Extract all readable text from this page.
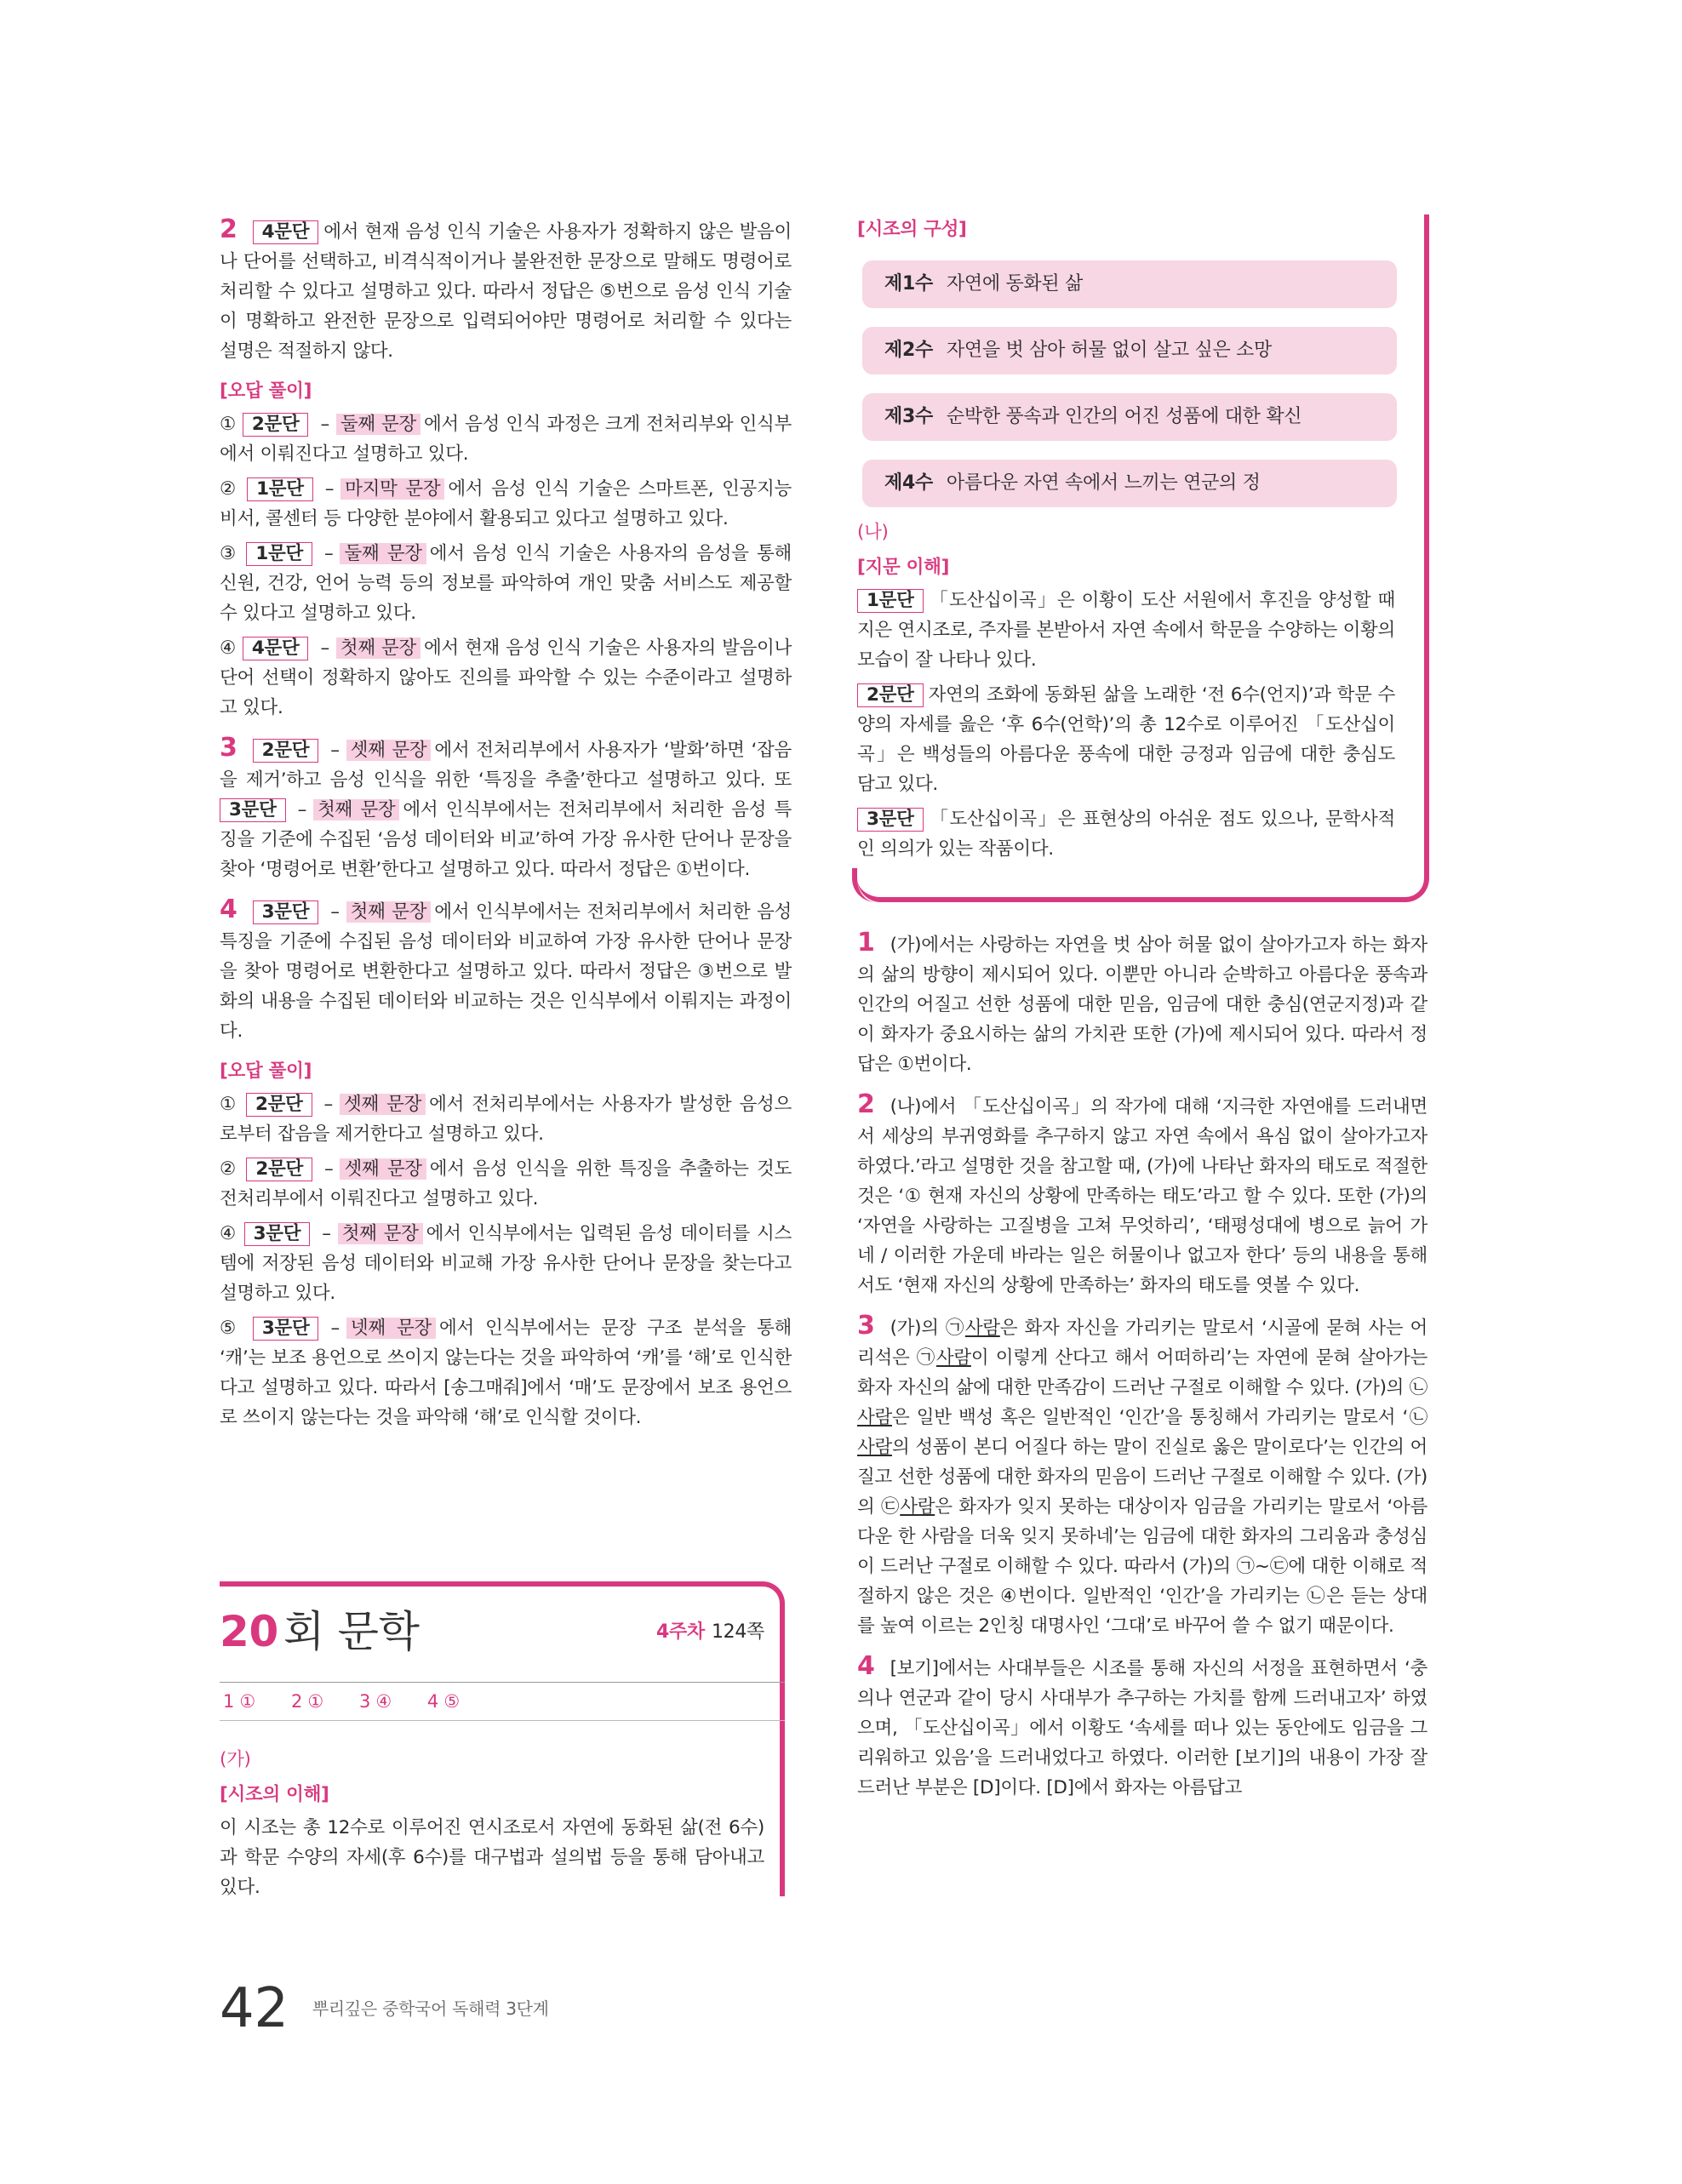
2 4문단 에서 현재 음성 인식 기술은 사용자가 정확하지 않은 발음이나 단어를 선택하고, 비격식적이거나 불완전한 문장으로 말해도 명령어로 처리할 수 있다고 설명하고 있다. 따라서 정답은 ⑤번으로 음성 인식 기술이 명확하고 완전한 문장으로 입력되어야만 명령어로 처리할 수 있다는 설명은 적절하지 않다.

[오답 풀이]

① 2문단 – 둘째 문장 에서 음성 인식 과정은 크게 전처리부와 인식부에서 이뤄진다고 설명하고 있다.

② 1문단 – 마지막 문장 에서 음성 인식 기술은 스마트폰, 인공지능 비서, 콜센터 등 다양한 분야에서 활용되고 있다고 설명하고 있다.

③ 1문단 – 둘째 문장 에서 음성 인식 기술은 사용자의 음성을 통해 신원, 건강, 언어 능력 등의 정보를 파악하여 개인 맞춤 서비스도 제공할 수 있다고 설명하고 있다.

④ 4문단 – 첫째 문장 에서 현재 음성 인식 기술은 사용자의 발음이나 단어 선택이 정확하지 않아도 진의를 파악할 수 있는 수준이라고 설명하고 있다.

3 2문단 – 셋째 문장 에서 전처리부에서 사용자가 ‘발화’하면 ‘잡음을 제거’하고 음성 인식을 위한 ‘특징을 추출’한다고 설명하고 있다. 또 3문단 – 첫째 문장 에서 인식부에서는 전처리부에서 처리한 음성 특징을 기준에 수집된 ‘음성 데이터와 비교’하여 가장 유사한 단어나 문장을 찾아 ‘명령어로 변환’한다고 설명하고 있다. 따라서 정답은 ①번이다.

4 3문단 – 첫째 문장 에서 인식부에서는 전처리부에서 처리한 음성 특징을 기준에 수집된 음성 데이터와 비교하여 가장 유사한 단어나 문장을 찾아 명령어로 변환한다고 설명하고 있다. 따라서 정답은 ③번으로 발화의 내용을 수집된 데이터와 비교하는 것은 인식부에서 이뤄지는 과정이다.

[오답 풀이]

① 2문단 – 셋째 문장 에서 전처리부에서는 사용자가 발성한 음성으로부터 잡음을 제거한다고 설명하고 있다.

② 2문단 – 셋째 문장 에서 음성 인식을 위한 특징을 추출하는 것도 전처리부에서 이뤄진다고 설명하고 있다.

④ 3문단 – 첫째 문장 에서 인식부에서는 입력된 음성 데이터를 시스템에 저장된 음성 데이터와 비교해 가장 유사한 단어나 문장을 찾는다고 설명하고 있다.

⑤ 3문단 – 넷째 문장 에서 인식부에서는 문장 구조 분석을 통해 ‘캐’는 보조 용언으로 쓰이지 않는다는 것을 파악하여 ‘캐’를 ‘해’로 인식한다고 설명하고 있다. 따라서 [송그매줘]에서 ‘매’도 문장에서 보조 용언으로 쓰이지 않는다는 것을 파악해 ‘해’로 인식할 것이다.

20 회 문학	4주차 124쪽
1 ① 2 ① 3 ④ 4 ⑤
(가)
[시조의 이해]

이 시조는 총 12수로 이루어진 연시조로서 자연에 동화된 삶(전 6수)과 학문 수양의 자세(후 6수)를 대구법과 설의법 등을 통해 담아내고 있다.

[시조의 구성]
제1수 자연에 동화된 삶
제2수 자연을 벗 삼아 허물 없이 살고 싶은 소망
제3수 순박한 풍속과 인간의 어진 성품에 대한 확신
제4수 아름다운 자연 속에서 느끼는 연군의 정
(나)
[지문 이해]

1문단 「도산십이곡」은 이황이 도산 서원에서 후진을 양성할 때 지은 연시조로, 주자를 본받아서 자연 속에서 학문을 수양하는 이황의 모습이 잘 나타나 있다.

2문단 자연의 조화에 동화된 삶을 노래한 ‘전 6수(언지)’과 학문 수양의 자세를 읊은 ‘후 6수(언학)’의 총 12수로 이루어진 「도산십이곡」은 백성들의 아름다운 풍속에 대한 긍정과 임금에 대한 충심도 담고 있다.

3문단 「도산십이곡」은 표현상의 아쉬운 점도 있으나, 문학사적인 의의가 있는 작품이다.

1 (가)에서는 사랑하는 자연을 벗 삼아 허물 없이 살아가고자 하는 화자의 삶의 방향이 제시되어 있다. 이뿐만 아니라 순박하고 아름다운 풍속과 인간의 어질고 선한 성품에 대한 믿음, 임금에 대한 충심(연군지정)과 같이 화자가 중요시하는 삶의 가치관 또한 (가)에 제시되어 있다. 따라서 정답은 ①번이다.

2 (나)에서 「도산십이곡」의 작가에 대해 ‘지극한 자연애를 드러내면서 세상의 부귀영화를 추구하지 않고 자연 속에서 욕심 없이 살아가고자 하였다.’라고 설명한 것을 참고할 때, (가)에 나타난 화자의 태도로 적절한 것은 ‘① 현재 자신의 상황에 만족하는 태도’라고 할 수 있다. 또한 (가)의 ‘자연을 사랑하는 고질병을 고쳐 무엇하리’, ‘태평성대에 병으로 늙어 가네 / 이러한 가운데 바라는 일은 허물이나 없고자 한다’ 등의 내용을 통해서도 ‘현재 자신의 상황에 만족하는’ 화자의 태도를 엿볼 수 있다.

3 (가)의 ㉠사람은 화자 자신을 가리키는 말로서 ‘시골에 묻혀 사는 어리석은 ㉠사람이 이렇게 산다고 해서 어떠하리’는 자연에 묻혀 살아가는 화자 자신의 삶에 대한 만족감이 드러난 구절로 이해할 수 있다. (가)의 ㉡사람은 일반 백성 혹은 일반적인 ‘인간’을 통칭해서 가리키는 말로서 ‘㉡사람의 성품이 본디 어질다 하는 말이 진실로 옳은 말이로다’는 인간의 어질고 선한 성품에 대한 화자의 믿음이 드러난 구절로 이해할 수 있다. (가)의 ㉢사람은 화자가 잊지 못하는 대상이자 임금을 가리키는 말로서 ‘아름다운 한 사람을 더욱 잊지 못하네’는 임금에 대한 화자의 그리움과 충성심이 드러난 구절로 이해할 수 있다. 따라서 (가)의 ㉠~㉢에 대한 이해로 적절하지 않은 것은 ④번이다. 일반적인 ‘인간’을 가리키는 ㉡은 듣는 상대를 높여 이르는 2인칭 대명사인 ‘그대’로 바꾸어 쓸 수 없기 때문이다.

4 [보기]에서는 사대부들은 시조를 통해 자신의 서정을 표현하면서 ‘충의나 연군과 같이 당시 사대부가 추구하는 가치를 함께 드러내고자’ 하였으며, 「도산십이곡」에서 이황도 ‘속세를 떠나 있는 동안에도 임금을 그리워하고 있음’을 드러내었다고 하였다. 이러한 [보기]의 내용이 가장 잘 드러난 부분은 [D]이다. [D]에서 화자는 아름답고

42 뿌리깊은 중학국어 독해력 3단계
